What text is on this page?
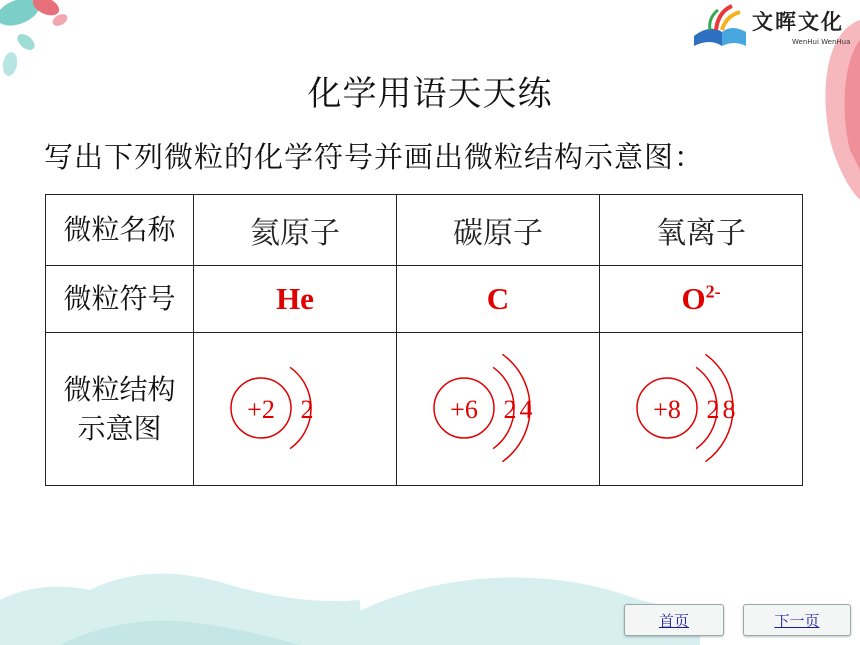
文晖文化
WenHui WenHua
化学用语天天练
写出下列微粒的化学符号并画出微粒结构示意图：
微粒名称	氦原子	碳原子	氧离子
微粒符号	He	C	$O^{2-}$
微粒结构
示意图	+2 2	+6 2 4	+8 2 8
首页	下一页
